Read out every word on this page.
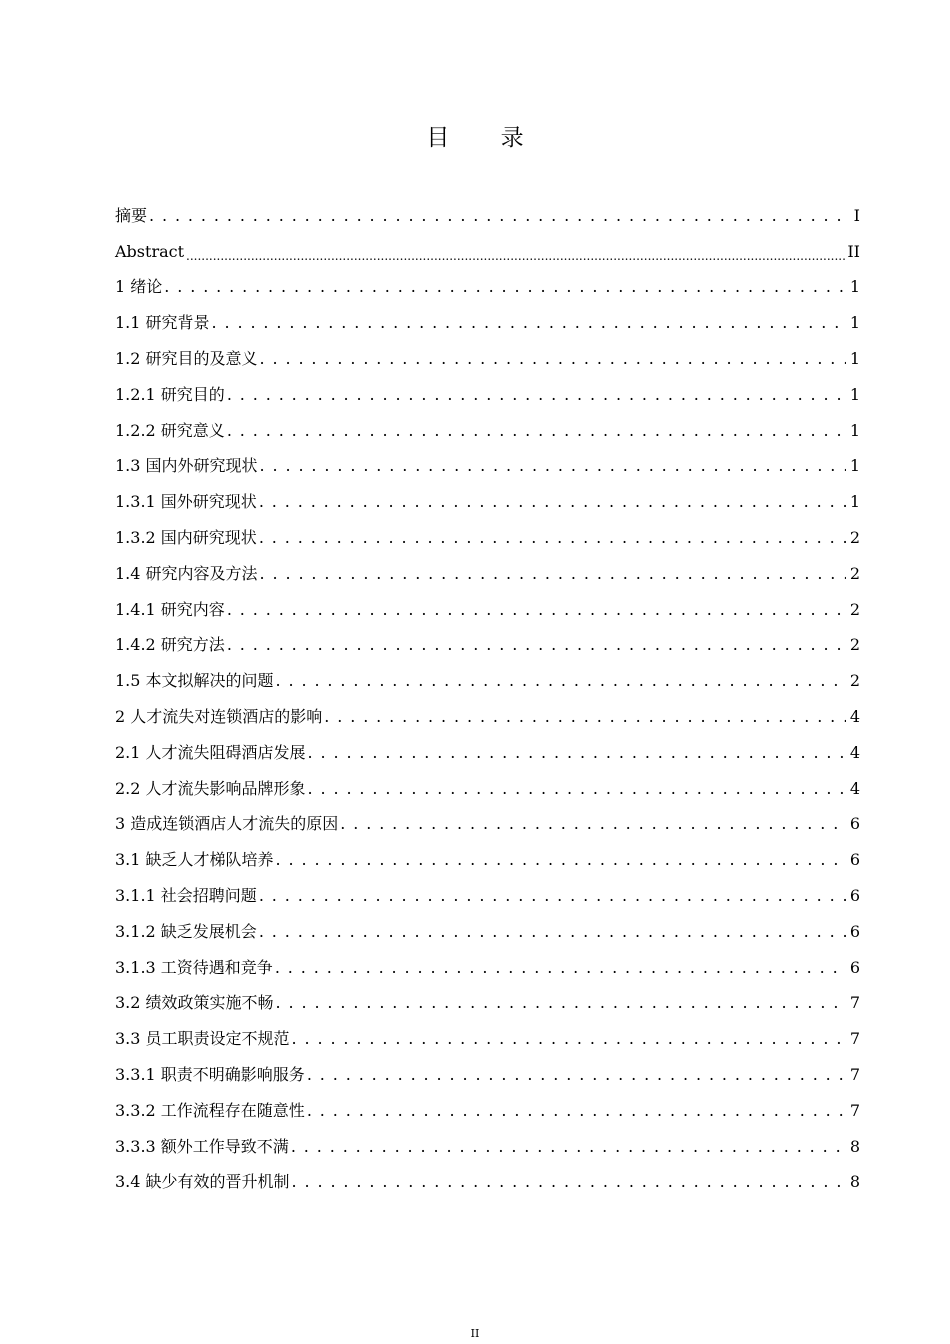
目 录
摘要 . . .	I
Abstract .....	II
1 绪论 . . .	1
1.1 研究背景 . . .	1
1.2 研究目的及意义 . . .	1
1.2.1 研究目的 . . .	1
1.2.2 研究意义 . . .	1
1.3 国内外研究现状 . . .	1
1.3.1 国外研究现状 . . .	1
1.3.2 国内研究现状 . . .	2
1.4 研究内容及方法 . . .	2
1.4.1 研究内容 . . .	2
1.4.2 研究方法 . . .	2
1.5 本文拟解决的问题 . . .	2
2 人才流失对连锁酒店的影响 . . .	4
2.1 人才流失阻碍酒店发展 . . .	4
2.2 人才流失影响品牌形象 . . .	4
3 造成连锁酒店人才流失的原因 . . .	6
3.1 缺乏人才梯队培养 . . .	6
3.1.1 社会招聘问题 . . .	6
3.1.2 缺乏发展机会 . . .	6
3.1.3 工资待遇和竞争 . . .	6
3.2 绩效政策实施不畅 . . .	7
3.3 员工职责设定不规范 . . .	7
3.3.1 职责不明确影响服务 . . .	7
3.3.2 工作流程存在随意性 . . .	7
3.3.3 额外工作导致不满 . . .	8
3.4 缺少有效的晋升机制 . . .	8
II
